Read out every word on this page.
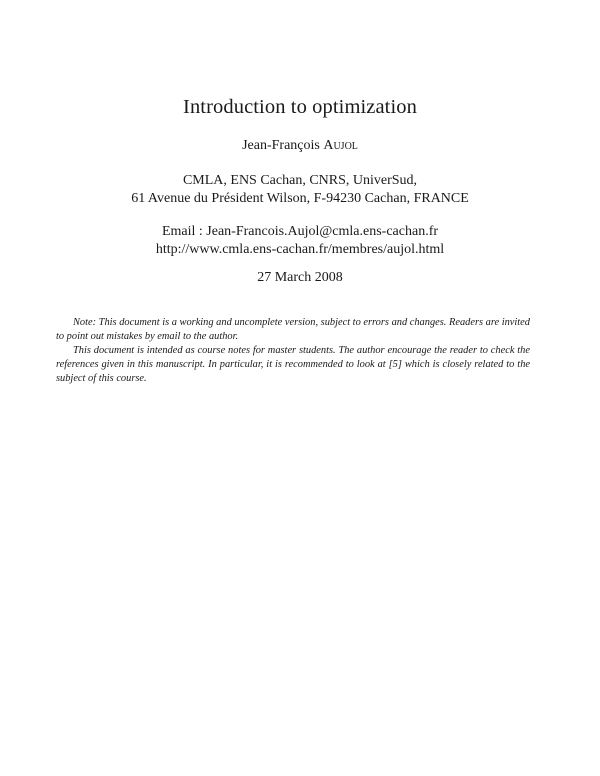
Introduction to optimization
Jean-François Aujol
CMLA, ENS Cachan, CNRS, UniverSud,
61 Avenue du Président Wilson, F-94230 Cachan, FRANCE
Email : Jean-Francois.Aujol@cmla.ens-cachan.fr
http://www.cmla.ens-cachan.fr/membres/aujol.html
27 March 2008

Note: This document is a working and uncomplete version, subject to errors and changes. Readers are invited to point out mistakes by email to the author.

This document is intended as course notes for master students. The author encourage the reader to check the references given in this manuscript. In particular, it is recommended to look at [5] which is closely related to the subject of this course.
